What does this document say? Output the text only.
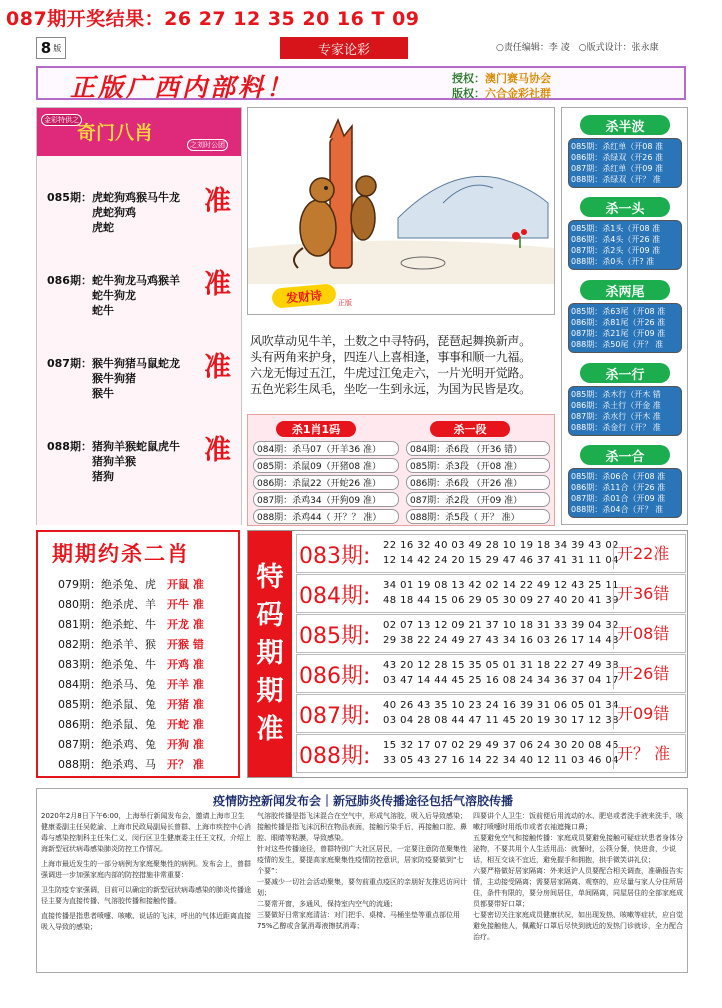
087期开奖结果：26 27 12 35 20 16 T 09
8 版	专家论彩	○责任编辑：李 凌　○版式设计：张永康
正版广西内部料！	授权：澳门赛马协会
版权：六合金彩社群
金彩特供之
奇门八肖
之刘时公团
085期：虎蛇狗鸡猴马牛龙
虎蛇狗鸡
虎蛇
准
086期：蛇牛狗龙马鸡猴羊
蛇牛狗龙
蛇牛
准
087期：猴牛狗猪马鼠蛇龙
猴牛狗猪
猴牛
准
088期：猪狗羊猴蛇鼠虎牛
猪狗羊猴
猪狗
准
发财诗	正版
风吹草动见牛羊，土数之中寻特码，琵琶起舞换新声。
头有两角来护身，四连八上喜相逢，事事和顺一九福。
六龙无悔过五江，牛虎过江兔走六，一片光明开觉路。
五色光彩生凤毛，坐吃一生到永远，为国为民皆是攻。
杀1肖1码	杀一段
084期：杀马07（开羊36 准）
085期：杀鼠09（开猪08 准）
086期：杀鼠22（开蛇26 准）
087期：杀鸡34（开狗09 准）
088期：杀鸡44（ 开？？ 准）
084期：杀6段 （开36 错）
085期：杀3段 （开08 准）
086期：杀6段 （开26 准）
087期：杀2段 （开09 准）
088期：杀5段（ 开？ 准）
杀半波
085期：杀红单（开08 准
086期：杀绿双（开26 准
087期：杀红单（开09 准
088期：杀绿双（开？ 准
杀一头
085期：杀1头（开08 准
086期：杀4头（开26 准
087期：杀2头（开09 准
088期：杀0头（开? 准
杀两尾
085期：杀63尾（开08 准
086期：杀81尾（开26 准
087期：杀21尾（开09 准
088期：杀50尾（开？ 准
杀一行
085期：杀木行（开木 错
086期：杀土行（开金 准
087期：杀水行（开木 准
088期：杀金行（开？ 准
杀一合
085期：杀06合（开08 准
086期：杀11合（开26 准
087期：杀01合（开09 准
088期：杀04合（开？ 准
期期约杀二肖
079期：绝杀兔、虎　 开鼠 准
080期：绝杀虎、羊　 开牛 准
081期：绝杀蛇、牛　 开龙 准
082期：绝杀羊、猴　 开猴 错
083期：绝杀兔、牛　 开鸡 准
084期：绝杀马、兔　 开羊 准
085期：绝杀鼠、兔　 开猪 准
086期：绝杀鼠、兔　 开蛇 准
087期：绝杀鸡、兔　 开狗 准
088期：绝杀鸡、马　 开？ 准
特
码
期
期
准
083期: 22 16 32 40 03 49 28 10 19 18 34 39 43 02
12 14 42 24 20 15 29 47 46 37 41 31 11 04
开22准
084期: 34 01 19 08 13 42 02 14 22 49 12 43 25 11
48 18 44 15 06 29 05 30 09 27 40 20 41 39
开36错
085期: 02 07 13 12 09 21 37 10 18 31 33 39 04 32
29 38 22 24 49 27 43 34 16 03 26 17 14 43
开08错
086期: 43 20 12 28 15 35 05 01 31 18 22 27 49 38
03 47 14 44 45 25 16 08 24 34 36 37 04 17
开26错
087期: 40 26 43 35 10 23 24 16 39 31 06 05 01 34
03 04 28 08 44 47 11 45 20 19 30 17 12 38
开09错
088期: 15 32 17 07 02 29 49 37 06 24 30 20 08 45
33 05 43 27 16 14 22 34 40 12 11 03 46 04
开？ 准
疫情防控新闻发布会｜新冠肺炎传播途径包括气溶胶传播

2020年2月8日下午6:00，上海举行新闻发布会，邀请上海市卫生健康委副主任吴乾渝、上海市民政局副局长曾群、上海市疾控中心消毒与感染控制科主任朱仁义、闵行区卫生健康委主任王文权，介绍上海新型冠状病毒感染肺炎防控工作情况。

上海市最近发生的一部分病例为家庭聚集性的病例。发布会上，曾群强调进一步加强家庭内部的防控措施非常重要：

卫生防疫专家强调，目前可以确定的新型冠状病毒感染的肺炎传播途径主要为直接传播、气溶胶传播和接触传播。

直接传播是指患者喷嚏、咳嗽、说话的飞沫，呼出的气体近距离直接吸入导致的感染；

气溶胶传播是指飞沫混合在空气中，形成气溶胶，吸入后导致感染；接触传播是指飞沫沉积在物品表面，接触污染手后，再接触口腔、鼻腔、眼睛等粘膜，导致感染。

针对这些传播途径，曾群特别广大社区居民，一定要注意防范聚集性疫情的发生，要提高家庭聚集性疫情防控意识，居家防疫要做到“七个要”：

一要减少一切社会活动聚集，要勿前重点疫区的亲朋好友推迟访问计划；

二要常开窗，多通风，保持室内空气的流通；

三要做好日常家庭清洁：对门把手、桌椅、马桶坐垫等重点部位用75%乙醇或含氯消毒液擦拭消毒；

四要讲个人卫生：饭前便后用流动的水、肥皂或者洗手液来洗手，咳嗽打喷嚏时用纸巾或者衣袖遮掩口鼻；

五要避免空气和接触传播：家庭成员要避免接触可疑症状患者身体分泌物，不要共用个人生活用品：就餐时，公筷分餐，快进食，少说话，相互交谈不宜近，避免握手和拥抱，拱手微笑讲礼仪；

六要严格做好居家隔离：外来返沪人员要配合相关调查，准确报告实情，主动接受隔离；需要居家隔离、观察的，应尽量与家人分住所居住，条件有限的，要分房间居住，单间隔离，同屋居住的全部家庭成员都要带好口罩；

七要密切关注家庭成员健康状况，如出现发热、咳嗽等症状，应自觉避免接触他人，佩戴好口罩后尽快到就近的发热门诊就诊，全力配合治疗。
